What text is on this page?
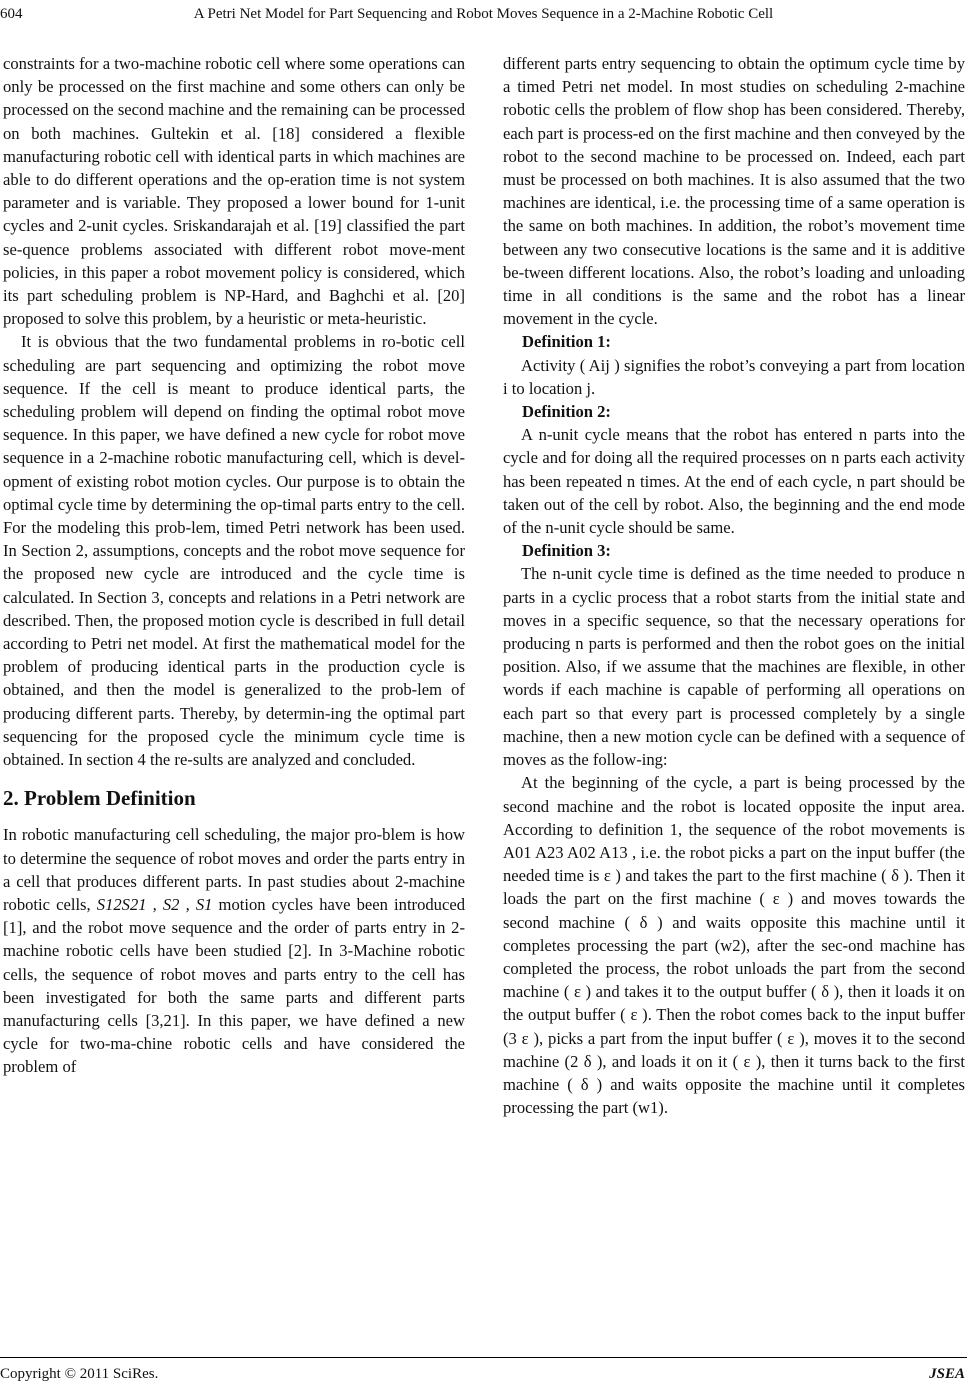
604	A Petri Net Model for Part Sequencing and Robot Moves Sequence in a 2-Machine Robotic Cell

constraints for a two-machine robotic cell where some operations can only be processed on the first machine and some others can only be processed on the second machine and the remaining can be processed on both machines. Gultekin et al. [18] considered a flexible manufacturing robotic cell with identical parts in which machines are able to do different operations and the op-eration time is not system parameter and is variable. They proposed a lower bound for 1-unit cycles and 2-unit cycles. Sriskandarajah et al. [19] classified the part se-quence problems associated with different robot move-ment policies, in this paper a robot movement policy is considered, which its part scheduling problem is NP-Hard, and Baghchi et al. [20] proposed to solve this problem, by a heuristic or meta-heuristic.

It is obvious that the two fundamental problems in ro-botic cell scheduling are part sequencing and optimizing the robot move sequence. If the cell is meant to produce identical parts, the scheduling problem will depend on finding the optimal robot move sequence. In this paper, we have defined a new cycle for robot move sequence in a 2-machine robotic manufacturing cell, which is devel-opment of existing robot motion cycles. Our purpose is to obtain the optimal cycle time by determining the op-timal parts entry to the cell. For the modeling this prob-lem, timed Petri network has been used. In Section 2, assumptions, concepts and the robot move sequence for the proposed new cycle are introduced and the cycle time is calculated. In Section 3, concepts and relations in a Petri network are described. Then, the proposed motion cycle is described in full detail according to Petri net model. At first the mathematical model for the problem of producing identical parts in the production cycle is obtained, and then the model is generalized to the prob-lem of producing different parts. Thereby, by determin-ing the optimal part sequencing for the proposed cycle the minimum cycle time is obtained. In section 4 the re-sults are analyzed and concluded.

2. Problem Definition

In robotic manufacturing cell scheduling, the major pro-blem is how to determine the sequence of robot moves and order the parts entry in a cell that produces different parts. In past studies about 2-machine robotic cells, S12S21 , S2 , S1 motion cycles have been introduced [1], and the robot move sequence and the order of parts entry in 2-machine robotic cells have been studied [2]. In 3-Machine robotic cells, the sequence of robot moves and parts entry to the cell has been investigated for both the same parts and different parts manufacturing cells [3,21]. In this paper, we have defined a new cycle for two-ma-chine robotic cells and have considered the problem of

different parts entry sequencing to obtain the optimum cycle time by a timed Petri net model. In most studies on scheduling 2-machine robotic cells the problem of flow shop has been considered. Thereby, each part is process-ed on the first machine and then conveyed by the robot to the second machine to be processed on. Indeed, each part must be processed on both machines. It is also assumed that the two machines are identical, i.e. the processing time of a same operation is the same on both machines. In addition, the robot’s movement time between any two consecutive locations is the same and it is additive be-tween different locations. Also, the robot’s loading and unloading time in all conditions is the same and the robot has a linear movement in the cycle.

Definition 1:

Activity ( Aij ) signifies the robot’s conveying a part from location i to location j.

Definition 2:

A n-unit cycle means that the robot has entered n parts into the cycle and for doing all the required processes on n parts each activity has been repeated n times. At the end of each cycle, n part should be taken out of the cell by robot. Also, the beginning and the end mode of the n-unit cycle should be same.

Definition 3:

The n-unit cycle time is defined as the time needed to produce n parts in a cyclic process that a robot starts from the initial state and moves in a specific sequence, so that the necessary operations for producing n parts is performed and then the robot goes on the initial position. Also, if we assume that the machines are flexible, in other words if each machine is capable of performing all operations on each part so that every part is processed completely by a single machine, then a new motion cycle can be defined with a sequence of moves as the follow-ing:

At the beginning of the cycle, a part is being processed by the second machine and the robot is located opposite the input area. According to definition 1, the sequence of the robot movements is A01 A23 A02 A13 , i.e. the robot picks a part on the input buffer (the needed time is ε ) and takes the part to the first machine ( δ ). Then it loads the part on the first machine ( ε ) and moves towards the second machine ( δ ) and waits opposite this machine until it completes processing the part (w2), after the sec-ond machine has completed the process, the robot unloads the part from the second machine ( ε ) and takes it to the output buffer ( δ ), then it loads it on the output buffer ( ε ). Then the robot comes back to the input buffer (3 ε ), picks a part from the input buffer ( ε ), moves it to the second machine (2 δ ), and loads it on it ( ε ), then it turns back to the first machine ( δ ) and waits opposite the machine until it completes processing the part (w1).

Copyright © 2011 SciRes.	JSEA
